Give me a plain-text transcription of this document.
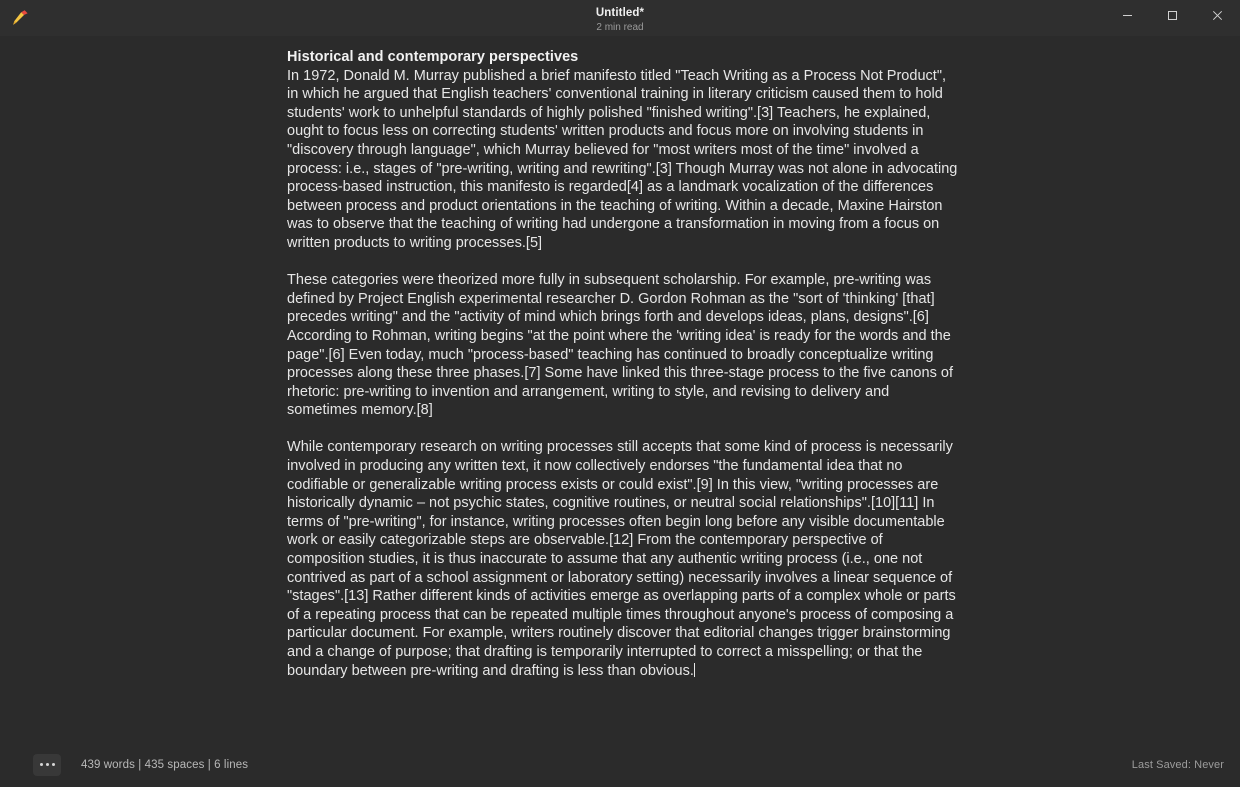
Untitled*
2 min read
Historical and contemporary perspectives
In 1972, Donald M. Murray published a brief manifesto titled "Teach Writing as a Process Not Product", in which he argued that English teachers' conventional training in literary criticism caused them to hold students' work to unhelpful standards of highly polished "finished writing".[3] Teachers, he explained, ought to focus less on correcting students' written products and focus more on involving students in "discovery through language", which Murray believed for "most writers most of the time" involved a process: i.e., stages of "pre-writing, writing and rewriting".[3] Though Murray was not alone in advocating process-based instruction, this manifesto is regarded[4] as a landmark vocalization of the differences between process and product orientations in the teaching of writing. Within a decade, Maxine Hairston was to observe that the teaching of writing had undergone a transformation in moving from a focus on written products to writing processes.[5]
These categories were theorized more fully in subsequent scholarship. For example, pre-writing was defined by Project English experimental researcher D. Gordon Rohman as the "sort of 'thinking' [that] precedes writing" and the "activity of mind which brings forth and develops ideas, plans, designs".[6] According to Rohman, writing begins "at the point where the 'writing idea' is ready for the words and the page".[6] Even today, much "process-based" teaching has continued to broadly conceptualize writing processes along these three phases.[7] Some have linked this three-stage process to the five canons of rhetoric: pre-writing to invention and arrangement, writing to style, and revising to delivery and sometimes memory.[8]
While contemporary research on writing processes still accepts that some kind of process is necessarily involved in producing any written text, it now collectively endorses "the fundamental idea that no codifiable or generalizable writing process exists or could exist".[9] In this view, "writing processes are historically dynamic – not psychic states, cognitive routines, or neutral social relationships".[10][11] In terms of "pre-writing", for instance, writing processes often begin long before any visible documentable work or easily categorizable steps are observable.[12] From the contemporary perspective of composition studies, it is thus inaccurate to assume that any authentic writing process (i.e., one not contrived as part of a school assignment or laboratory setting) necessarily involves a linear sequence of "stages".[13] Rather different kinds of activities emerge as overlapping parts of a complex whole or parts of a repeating process that can be repeated multiple times throughout anyone's process of composing a particular document. For example, writers routinely discover that editorial changes trigger brainstorming and a change of purpose; that drafting is temporarily interrupted to correct a misspelling; or that the boundary between pre-writing and drafting is less than obvious.
439 words | 435 spaces | 6 lines	Last Saved: Never
